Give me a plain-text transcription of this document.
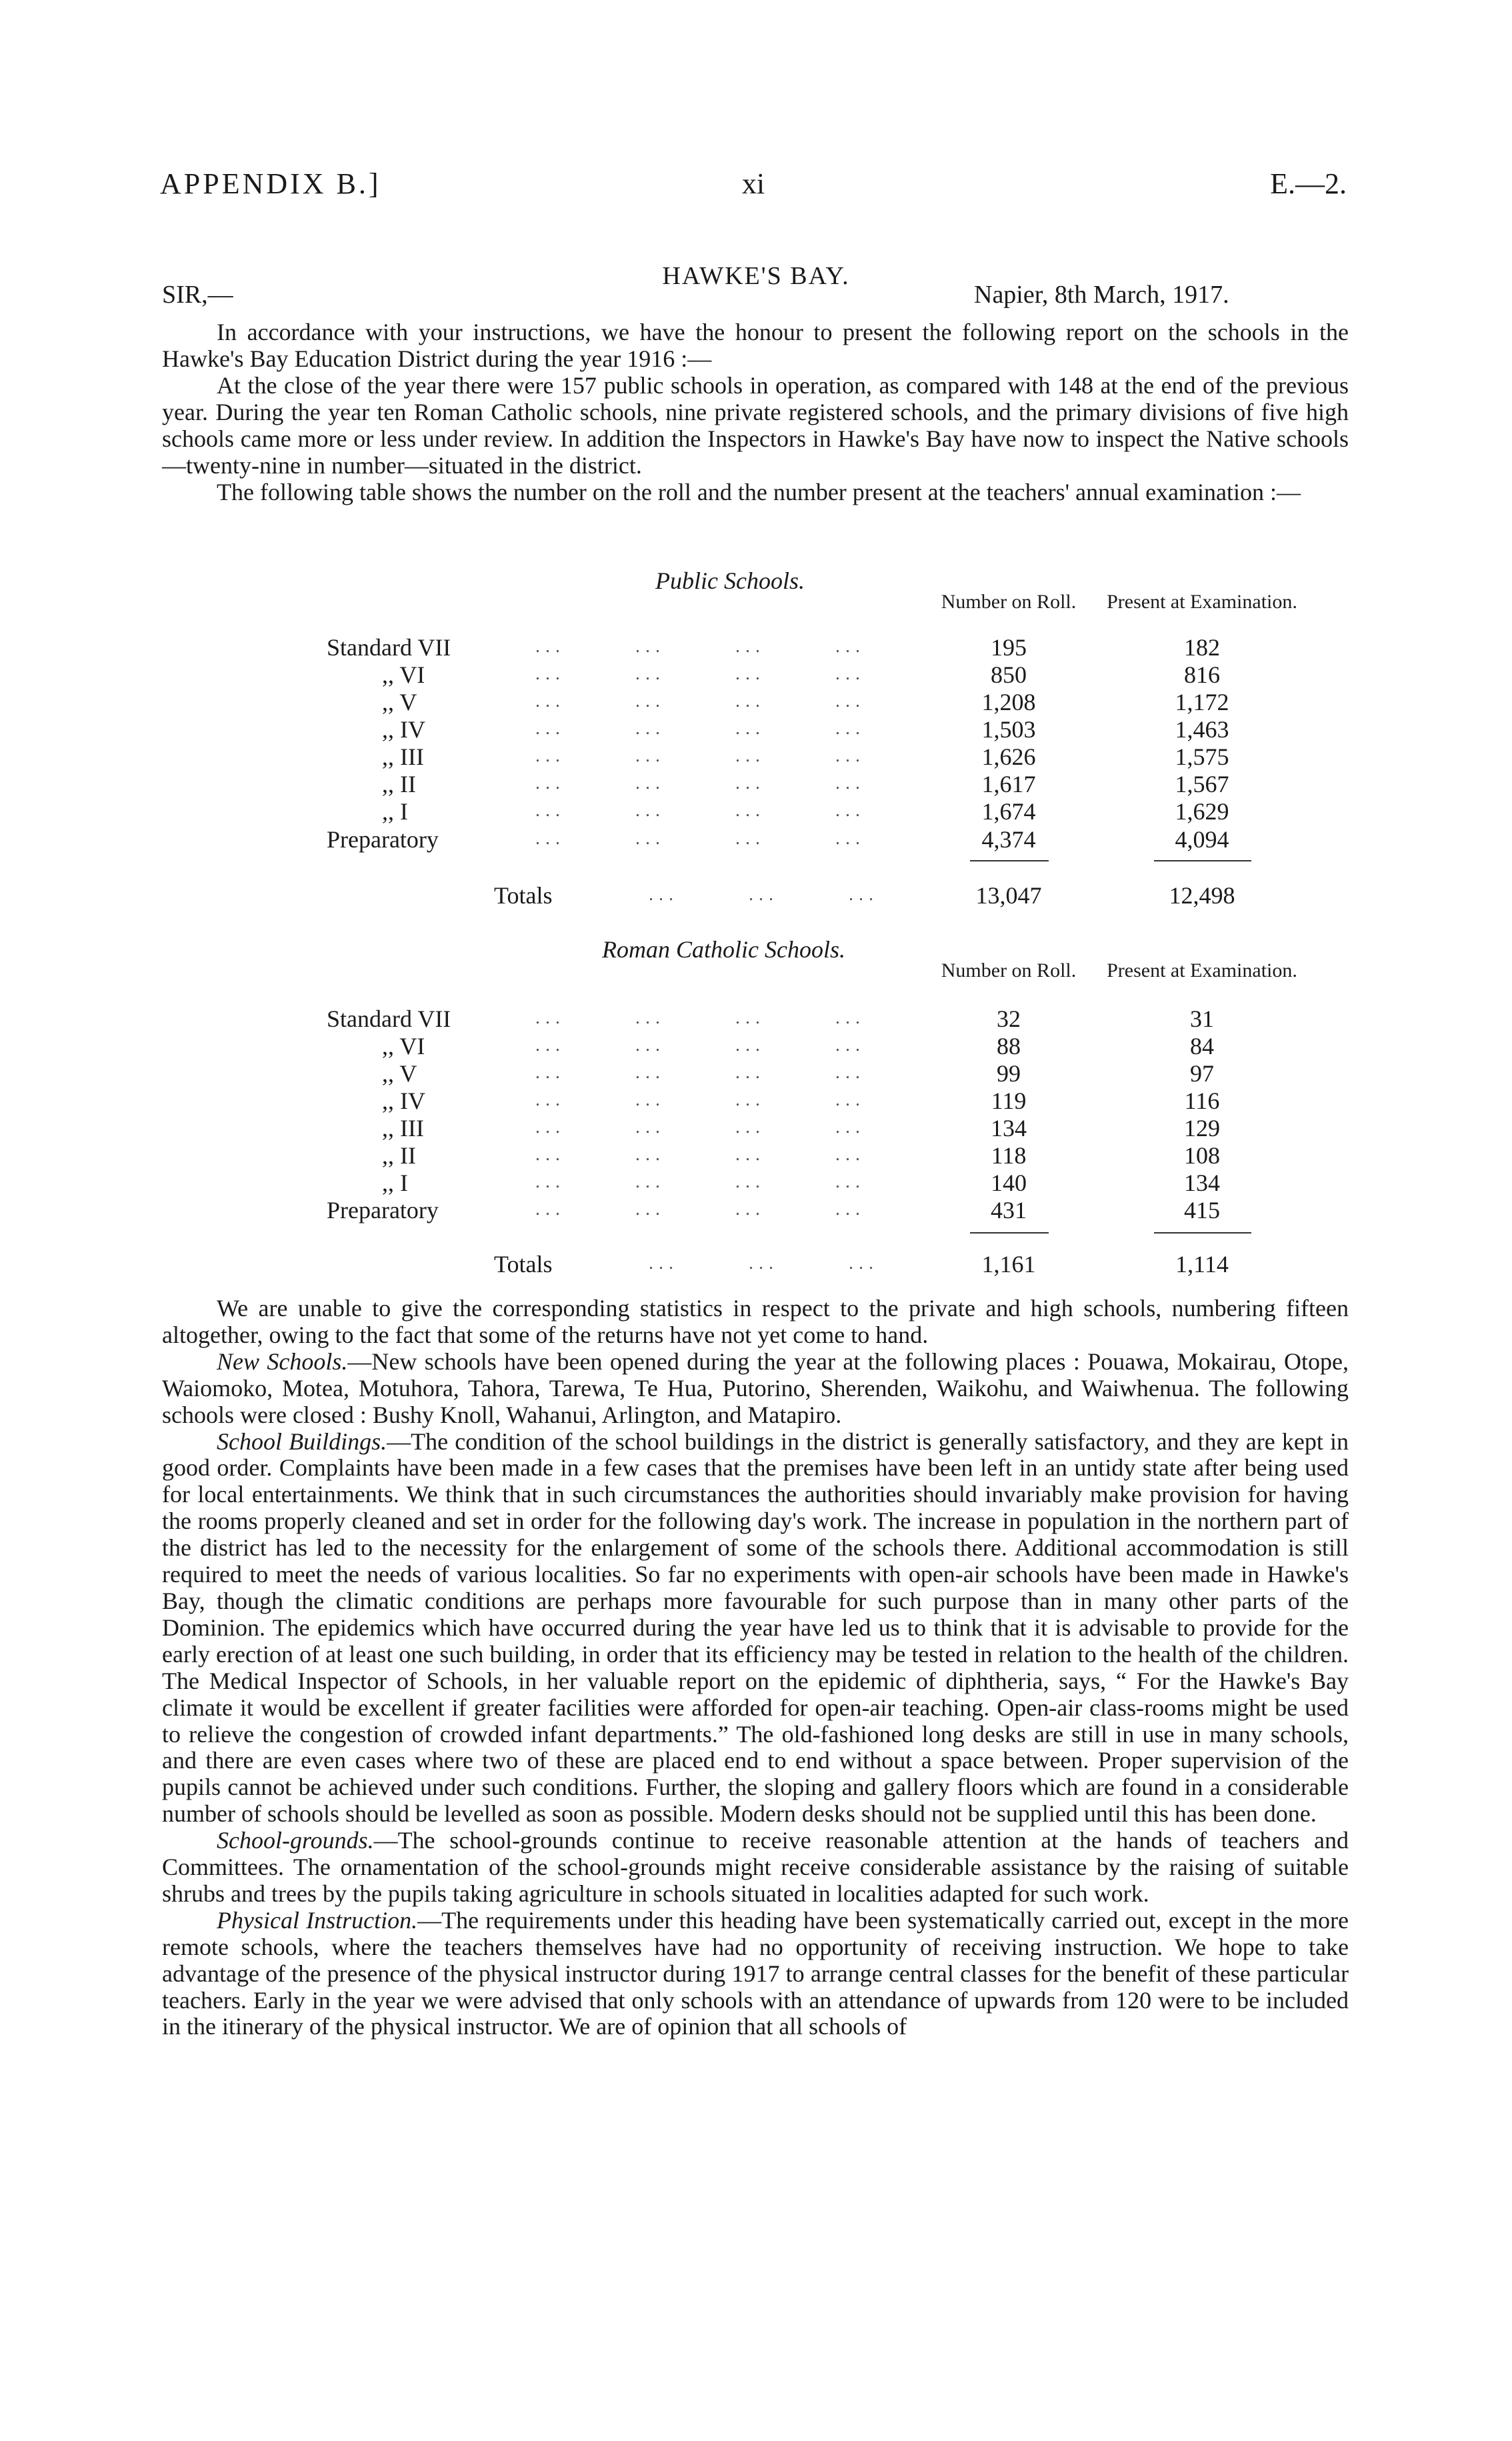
APPENDIX B.]	xi	E.—2.
HAWKE'S BAY.
SIR,—	Napier, 8th March, 1917.

In accordance with your instructions, we have the honour to present the following report on the schools in the Hawke's Bay Education District during the year 1916 :—

At the close of the year there were 157 public schools in operation, as compared with 148 at the end of the previous year. During the year ten Roman Catholic schools, nine private registered schools, and the primary divisions of five high schools came more or less under review. In addition the Inspectors in Hawke's Bay have now to inspect the Native schools—twenty-nine in number—situated in the district.

The following table shows the number on the roll and the number present at the teachers' annual examination :—

Public Schools.
Number on Roll.	Present at Examination.
Standard VII	...       ...       ...       ...	195	182
,, VI	...       ...       ...       ...	850	816
,, V	...       ...       ...       ...	1,208	1,172
,, IV	...       ...       ...       ...	1,503	1,463
,, III	...       ...       ...       ...	1,626	1,575
,, II	...       ...       ...       ...	1,617	1,567
,, I	...       ...       ...       ...	1,674	1,629
Preparatory	...       ...       ...       ...	4,374	4,094
Totals	...       ...       ...	13,047	12,498
Roman Catholic Schools.
Number on Roll.	Present at Examination.
Standard VII	...       ...       ...       ...	32	31
,, VI	...       ...       ...       ...	88	84
,, V	...       ...       ...       ...	99	97
,, IV	...       ...       ...       ...	119	116
,, III	...       ...       ...       ...	134	129
,, II	...       ...       ...       ...	118	108
,, I	...       ...       ...       ...	140	134
Preparatory	...       ...       ...       ...	431	415
Totals	...       ...       ...	1,161	1,114

We are unable to give the corresponding statistics in respect to the private and high schools, numbering fifteen altogether, owing to the fact that some of the returns have not yet come to hand.

New Schools.—New schools have been opened during the year at the following places : Pouawa, Mokairau, Otope, Waiomoko, Motea, Motuhora, Tahora, Tarewa, Te Hua, Putorino, Sherenden, Waikohu, and Waiwhenua. The following schools were closed : Bushy Knoll, Wahanui, Arlington, and Matapiro.

School Buildings.—The condition of the school buildings in the district is generally satisfactory, and they are kept in good order. Complaints have been made in a few cases that the premises have been left in an untidy state after being used for local entertainments. We think that in such circumstances the authorities should invariably make provision for having the rooms properly cleaned and set in order for the following day's work. The increase in population in the northern part of the district has led to the necessity for the enlargement of some of the schools there. Additional accommodation is still required to meet the needs of various localities. So far no experiments with open-air schools have been made in Hawke's Bay, though the climatic conditions are perhaps more favourable for such purpose than in many other parts of the Dominion. The epidemics which have occurred during the year have led us to think that it is advisable to provide for the early erection of at least one such building, in order that its efficiency may be tested in relation to the health of the children. The Medical Inspector of Schools, in her valuable report on the epidemic of diphtheria, says, “ For the Hawke's Bay climate it would be excellent if greater facilities were afforded for open-air teaching. Open-air class-rooms might be used to relieve the congestion of crowded infant departments.” The old-fashioned long desks are still in use in many schools, and there are even cases where two of these are placed end to end without a space between. Proper supervision of the pupils cannot be achieved under such conditions. Further, the sloping and gallery floors which are found in a considerable number of schools should be levelled as soon as possible. Modern desks should not be supplied until this has been done.

School-grounds.—The school-grounds continue to receive reasonable attention at the hands of teachers and Committees. The ornamentation of the school-grounds might receive considerable assistance by the raising of suitable shrubs and trees by the pupils taking agriculture in schools situated in localities adapted for such work.

Physical Instruction.—The requirements under this heading have been systematically carried out, except in the more remote schools, where the teachers themselves have had no opportunity of receiving instruction. We hope to take advantage of the presence of the physical instructor during 1917 to arrange central classes for the benefit of these particular teachers. Early in the year we were advised that only schools with an attendance of upwards from 120 were to be included in the itinerary of the physical instructor. We are of opinion that all schools of
